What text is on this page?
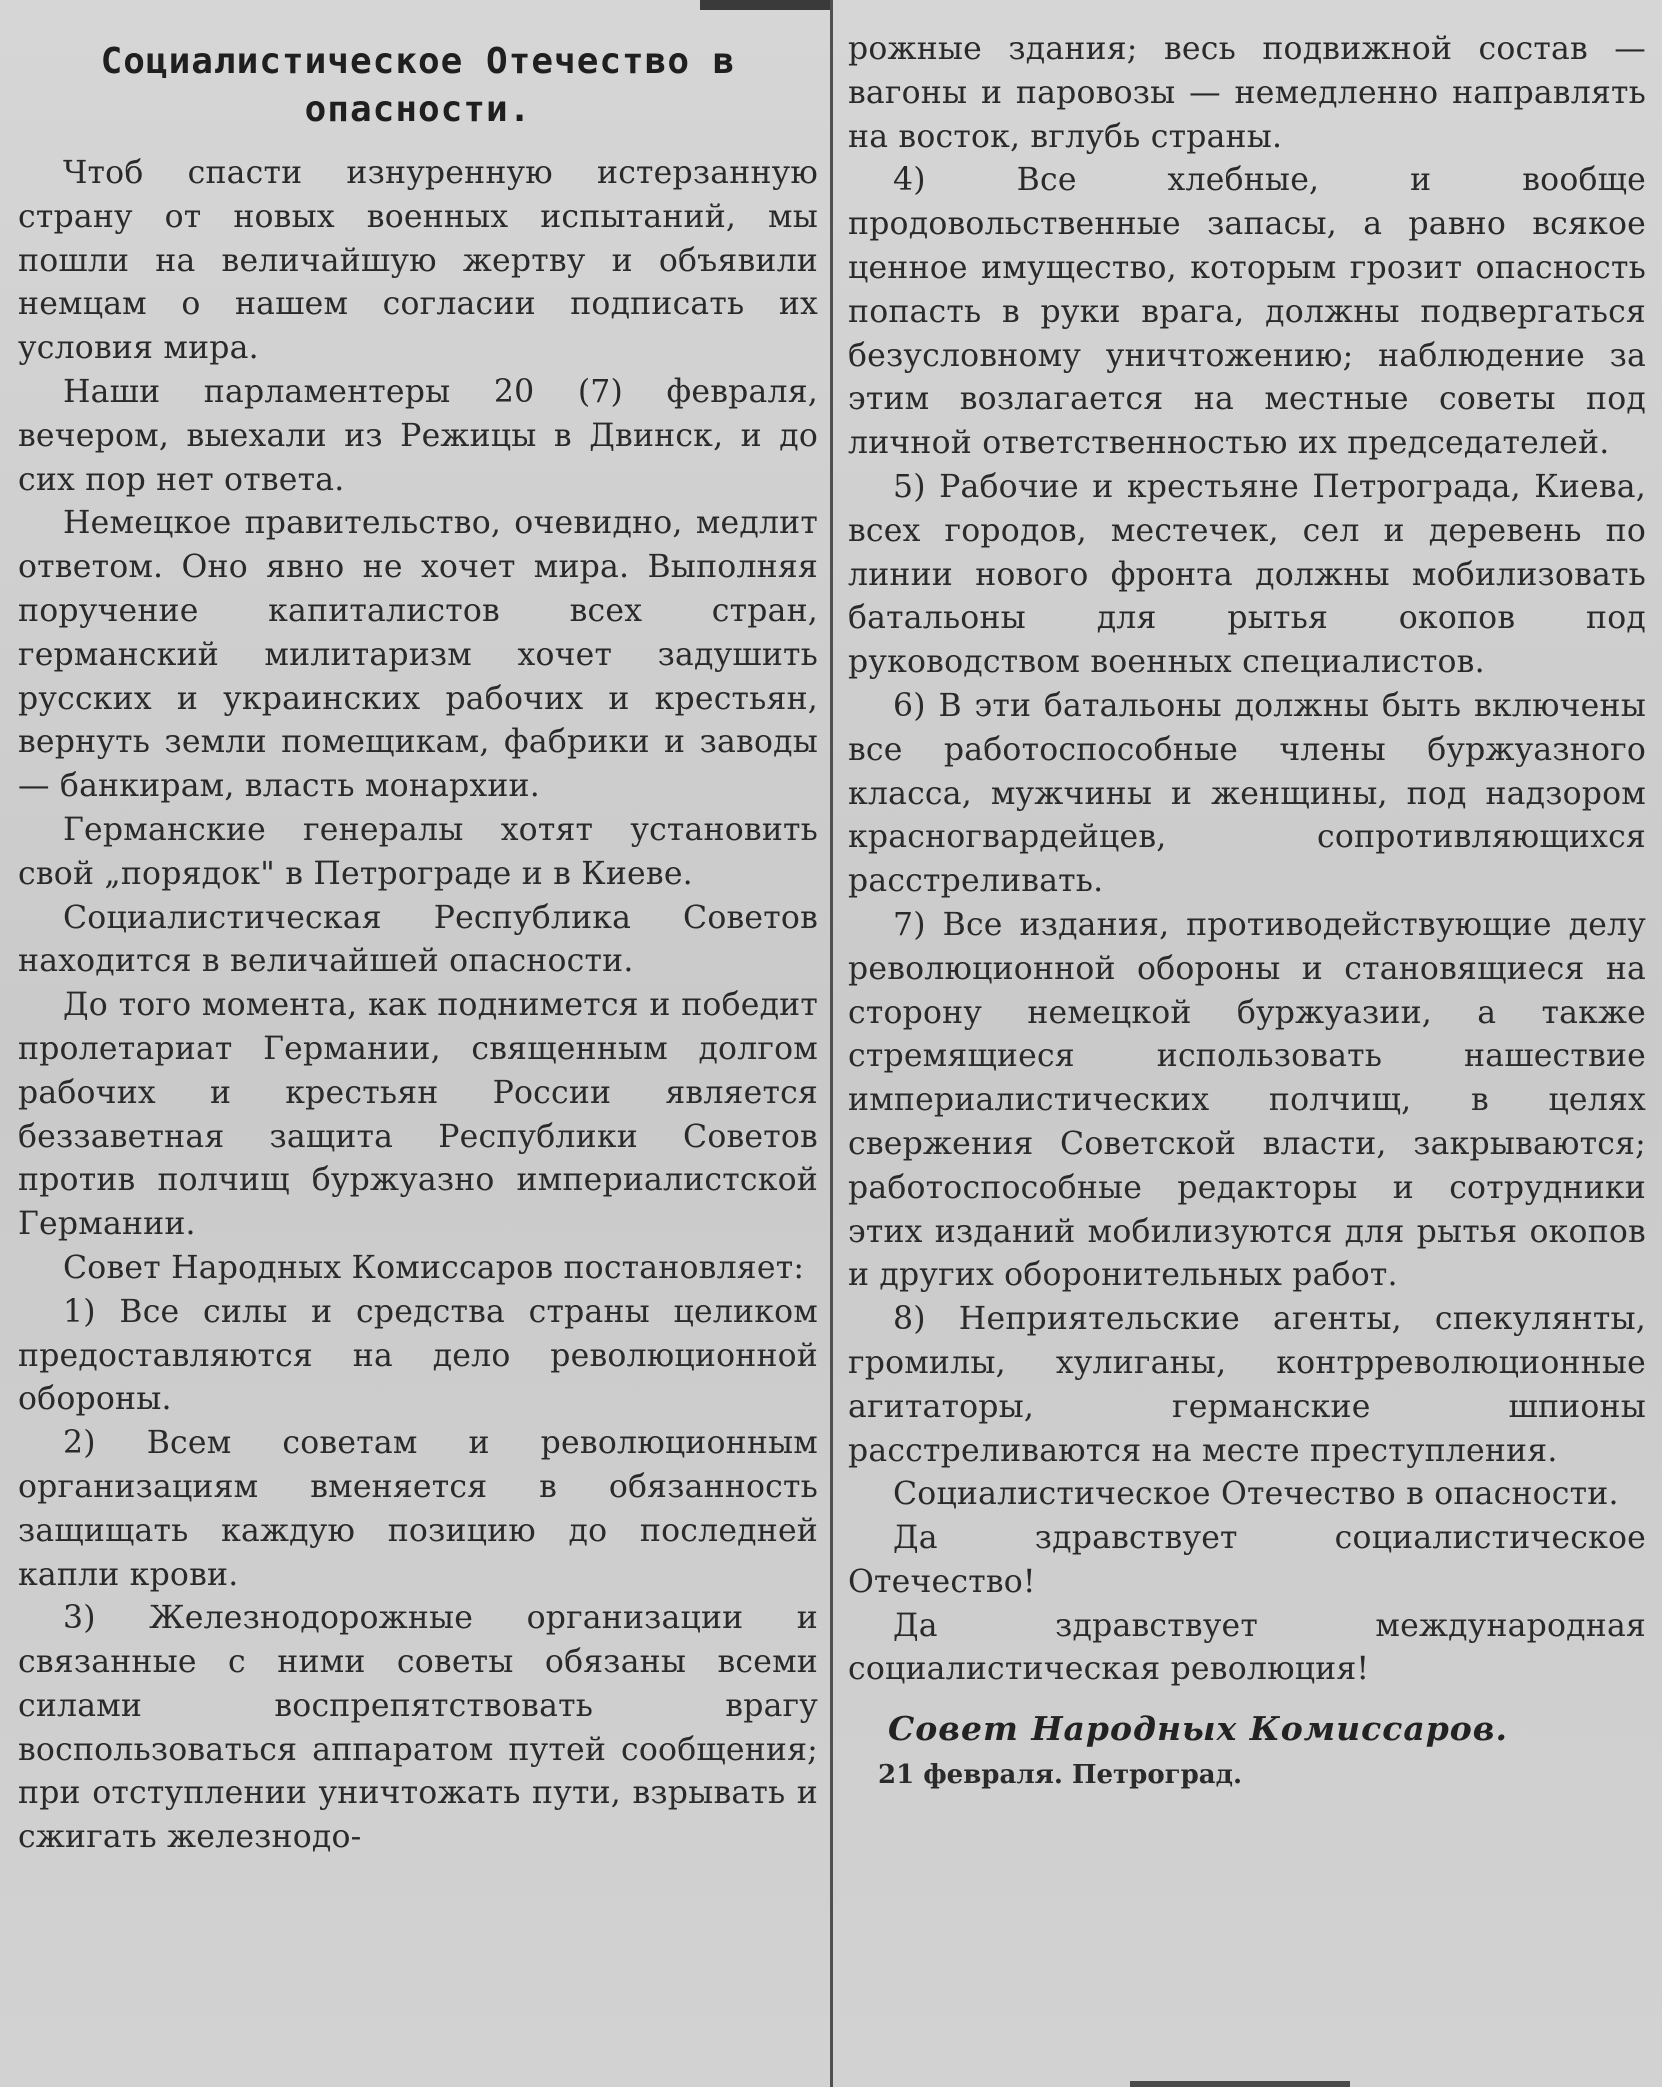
Социалистическое Отечество в опасности.

Чтоб спасти изнуренную истерзанную страну от новых военных испытаний, мы пошли на величайшую жертву и объявили немцам о нашем согласии подписать их условия мира.

Наши парламентеры 20 (7) февраля, вечером, выехали из Режицы в Двинск, и до сих пор нет ответа.

Немецкое правительство, очевидно, медлит ответом. Оно явно не хочет мира. Выполняя поручение капиталистов всех стран, германский милитаризм хочет задушить русских и украинских рабочих и крестьян, вернуть земли помещикам, фабрики и заводы — банкирам, власть монархии.

Германские генералы хотят установить свой „порядок" в Петрограде и в Киеве.

Социалистическая Республика Советов находится в величайшей опасности.

До того момента, как поднимется и победит пролетариат Германии, священным долгом рабочих и крестьян России является беззаветная защита Республики Советов против полчищ буржуазно империалистской Германии.

Совет Народных Комиссаров постановляет:

1) Все силы и средства страны целиком предоставляются на дело революционной обороны.

2) Всем советам и революционным организациям вменяется в обязанность защищать каждую позицию до последней капли крови.

3) Железнодорожные организации и связанные с ними советы обязаны всеми силами воспрепятствовать врагу воспользоваться аппаратом путей сообщения; при отступлении уничтожать пути, взрывать и сжигать железнодо-

рожные здания; весь подвижной состав — вагоны и паровозы — немедленно направлять на восток, вглубь страны.

4) Все хлебные, и вообще продовольственные запасы, а равно всякое ценное имущество, которым грозит опасность попасть в руки врага, должны подвергаться безусловному уничтожению; наблюдение за этим возлагается на местные советы под личной ответственностью их председателей.

5) Рабочие и крестьяне Петрограда, Киева, всех городов, местечек, сел и деревень по линии нового фронта должны мобилизовать батальоны для рытья окопов под руководством военных специалистов.

6) В эти батальоны должны быть включены все работоспособные члены буржуазного класса, мужчины и женщины, под надзором красногвардейцев, сопротивляющихся расстреливать.

7) Все издания, противодействующие делу революционной обороны и становящиеся на сторону немецкой буржуазии, а также стремящиеся использовать нашествие империалистических полчищ, в целях свержения Советской власти, закрываются; работоспособные редакторы и сотрудники этих изданий мобилизуются для рытья окопов и других оборонительных работ.

8) Неприятельские агенты, спекулянты, громилы, хулиганы, контрреволюционные агитаторы, германские шпионы расстреливаются на месте преступления.

Социалистическое Отечество в опасности.

Да здравствует социалистическое Отечество!

Да здравствует международная социалистическая революция!

Совет Народных Комиссаров.
21 февраля. Петроград.
